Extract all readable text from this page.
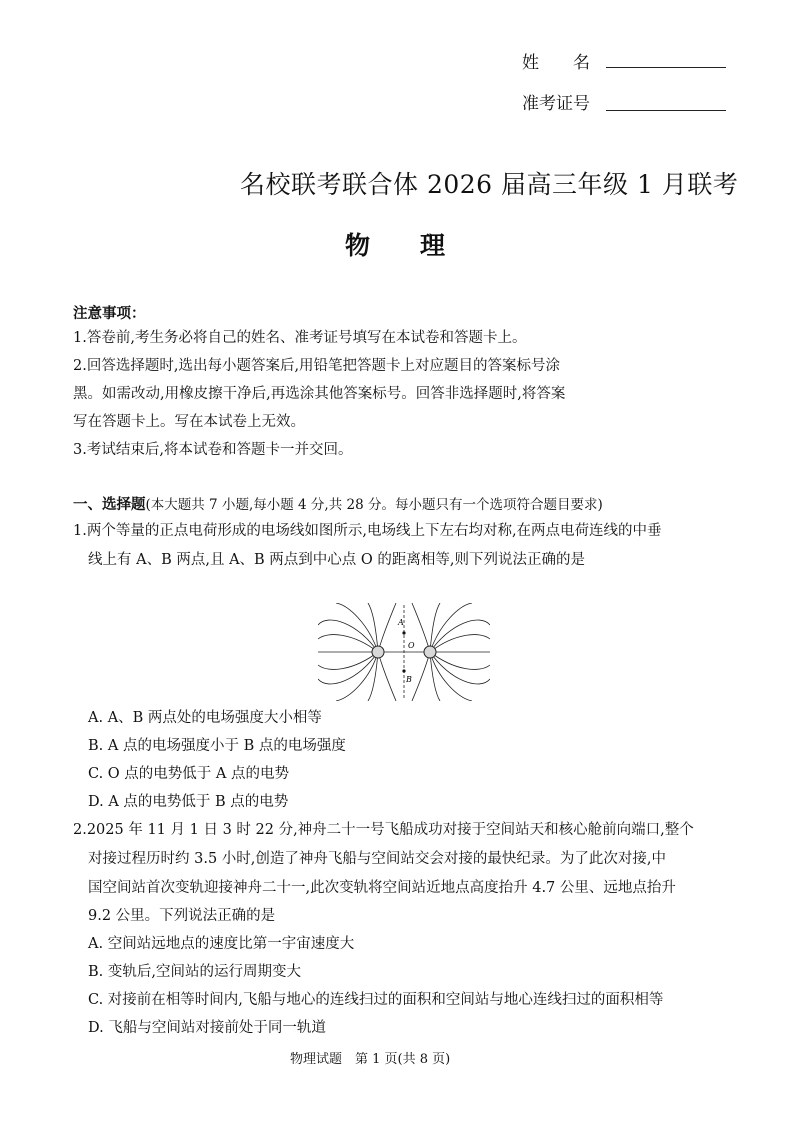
姓　　名
准考证号
名校联考联合体 2026 届高三年级 1 月联考
物　　理
注意事项：
1.答卷前,考生务必将自己的姓名、准考证号填写在本试卷和答题卡上。
2.回答选择题时,选出每小题答案后,用铅笔把答题卡上对应题目的答案标号涂
黑。如需改动,用橡皮擦干净后,再选涂其他答案标号。回答非选择题时,将答案
写在答题卡上。写在本试卷上无效。
3.考试结束后,将本试卷和答题卡一并交回。
一、选择题(本大题共 7 小题,每小题 4 分,共 28 分。每小题只有一个选项符合题目要求)
1.两个等量的正点电荷形成的电场线如图所示,电场线上下左右均对称,在两点电荷连线的中垂
线上有 A、B 两点,且 A、B 两点到中心点 O 的距离相等,则下列说法正确的是
A
O
B
A. A、B 两点处的电场强度大小相等
B. A 点的电场强度小于 B 点的电场强度
C. O 点的电势低于 A 点的电势
D. A 点的电势低于 B 点的电势
2.2025 年 11 月 1 日 3 时 22 分,神舟二十一号飞船成功对接于空间站天和核心舱前向端口,整个
对接过程历时约 3.5 小时,创造了神舟飞船与空间站交会对接的最快纪录。为了此次对接,中
国空间站首次变轨迎接神舟二十一,此次变轨将空间站近地点高度抬升 4.7 公里、远地点抬升
9.2 公里。下列说法正确的是
A. 空间站远地点的速度比第一宇宙速度大
B. 变轨后,空间站的运行周期变大
C. 对接前在相等时间内,飞船与地心的连线扫过的面积和空间站与地心连线扫过的面积相等
D. 飞船与空间站对接前处于同一轨道
物理试题　第 1 页(共 8 页)
